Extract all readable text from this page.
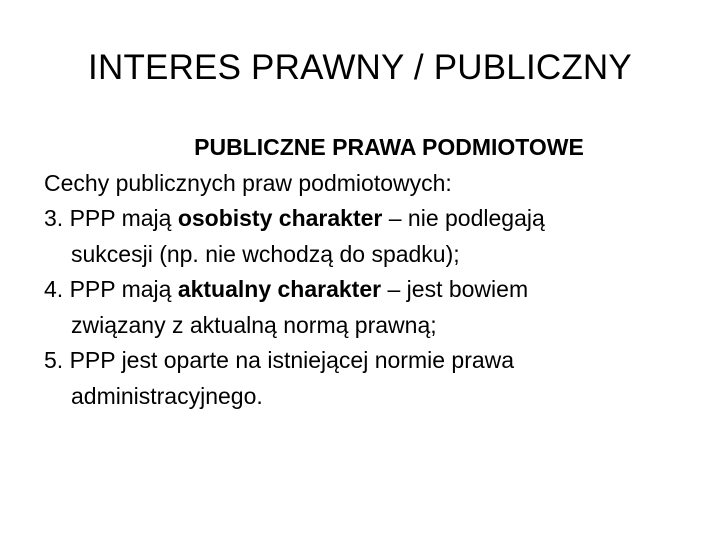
INTERES PRAWNY / PUBLICZNY

PUBLICZNE PRAWA PODMIOTOWE

Cechy publicznych praw podmiotowych:

3. PPP mają osobisty charakter – nie podlegają
sukcesji (np. nie wchodzą do spadku);

4. PPP mają aktualny charakter – jest bowiem
związany z aktualną normą prawną;

5. PPP jest oparte na istniejącej normie prawa
administracyjnego.
